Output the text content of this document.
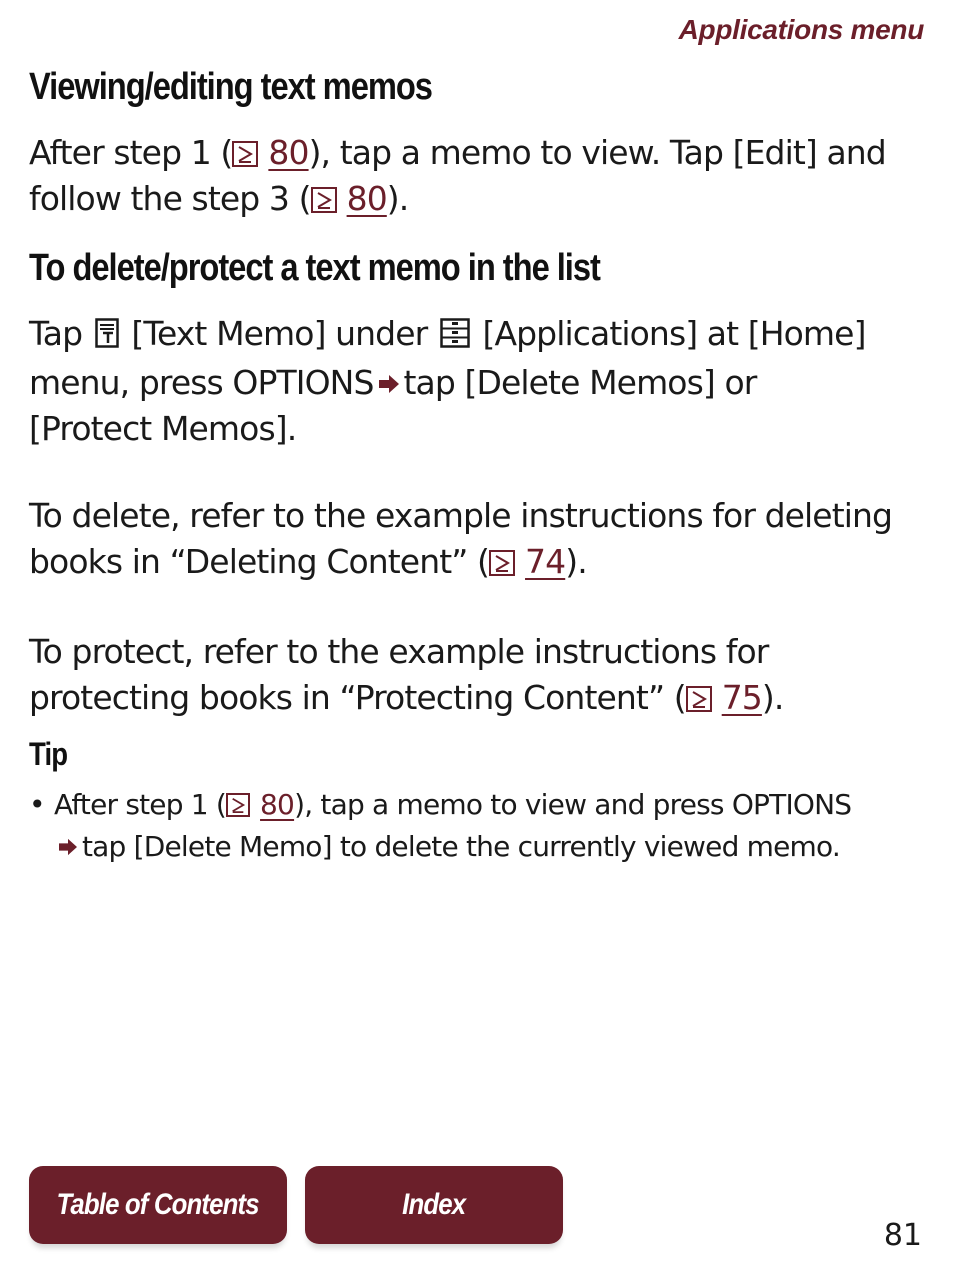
Applications menu
Viewing/editing text memos
After step 1 ( 80), tap a memo to view. Tap [Edit] and
follow the step 3 ( 80).
To delete/protect a text memo in the list
Tap [Text Memo] under [Applications] at [Home]
menu, press OPTIONS tap [Delete Memos] or
[Protect Memos].
To delete, refer to the example instructions for deleting
books in “Deleting Content” ( 74).
To protect, refer to the example instructions for
protecting books in “Protecting Content” ( 75).
Tip
• After step 1 ( 80), tap a memo to view and press OPTIONS
tap [Delete Memo] to delete the currently viewed memo.
Table of Contents	Index
81
